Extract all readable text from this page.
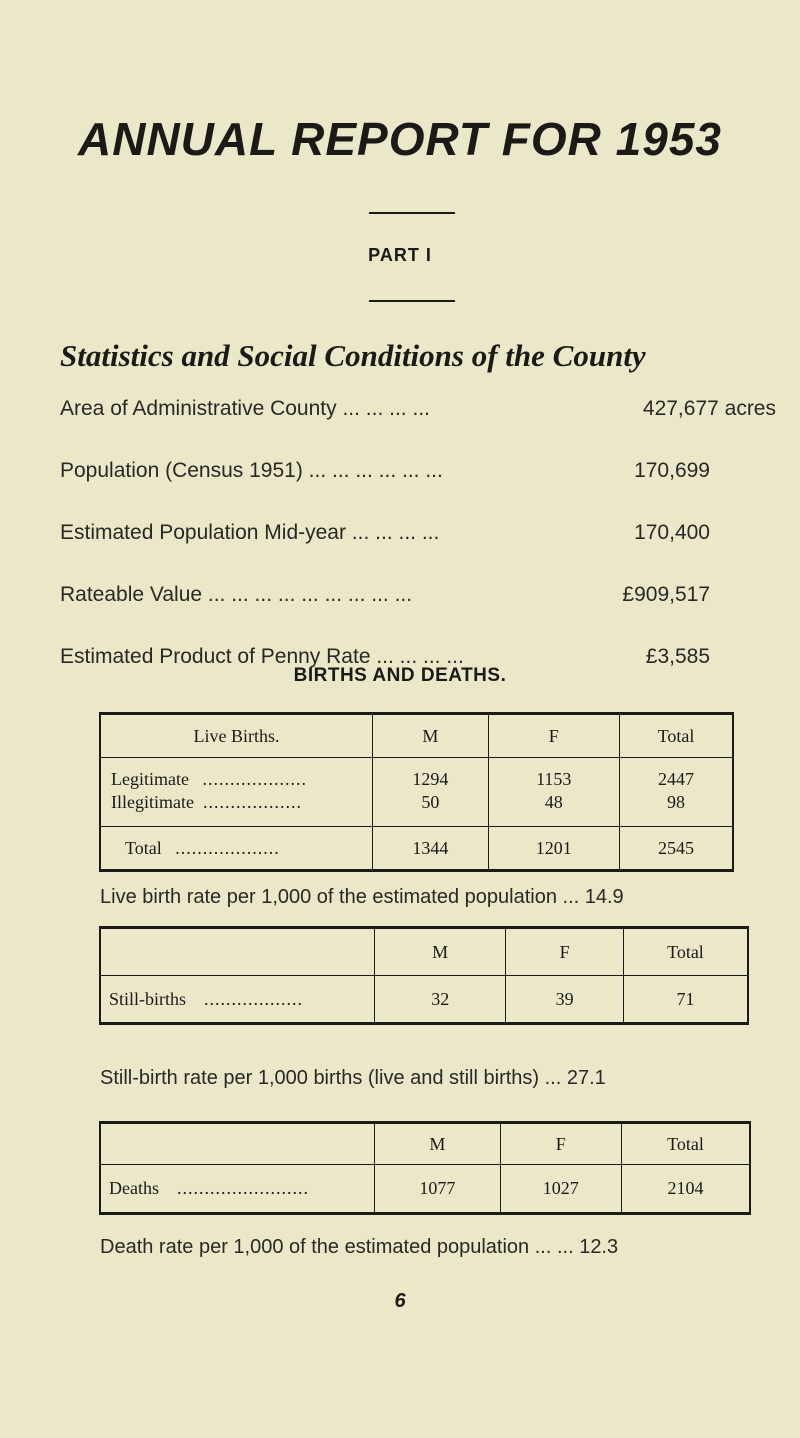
ANNUAL REPORT FOR 1953
PART I
Statistics and Social Conditions of the County
Area of Administrative County ... ... ... ...	427,677 acres
Population (Census 1951) ... ... ... ... ... ...	170,699
Estimated Population Mid-year ... ... ... ...	170,400
Rateable Value ... ... ... ... ... ... ... ... ...	£909,517
Estimated Product of Penny Rate ... ... ... ...	£3,585
BIRTHS AND DEATHS.
Live Births.	M	F	Total
Legitimate ...................	1294	1153	2447
Illegitimate ..................	50	48	98
Total ...................	1344	1201	2545
Live birth rate per 1,000 of the estimated population ... 14.9
	M	F	Total
Still-births ..................	32	39	71
Still-birth rate per 1,000 births (live and still births) ... 27.1
	M	F	Total
Deaths ........................	1077	1027	2104
Death rate per 1,000 of the estimated population ... ... 12.3
6
